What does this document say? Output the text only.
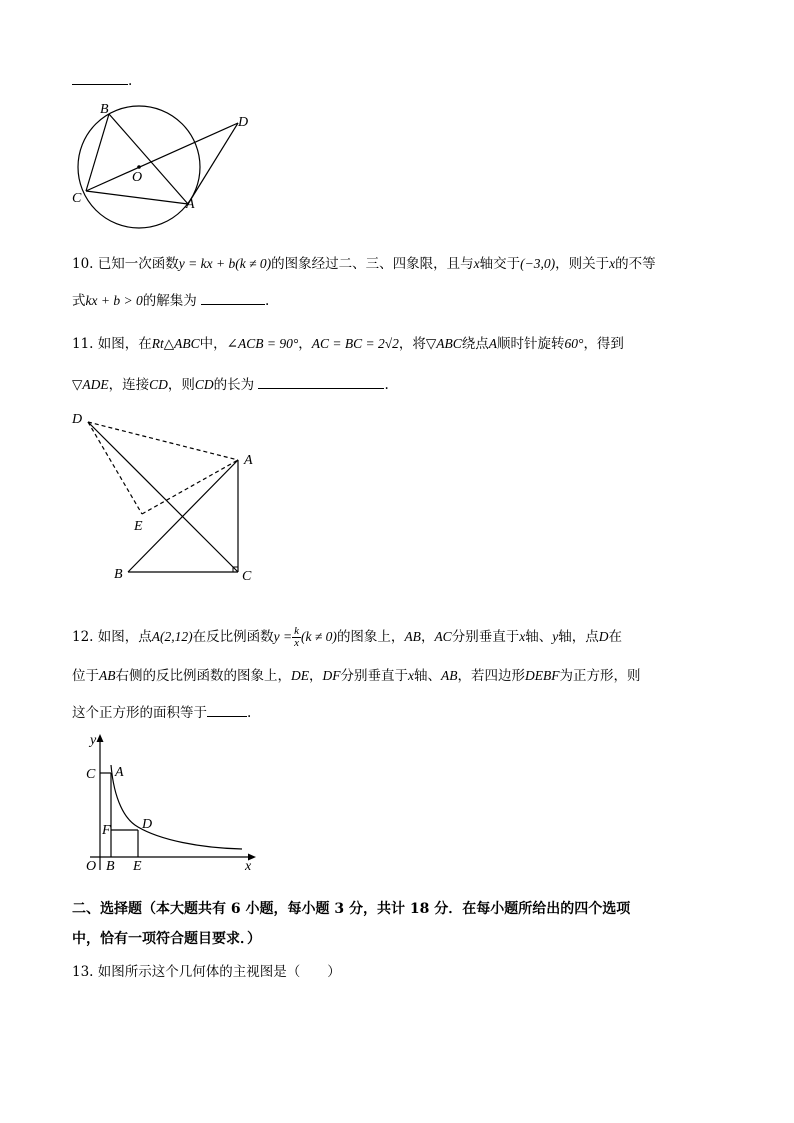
.
B
D
O
C	A
10. 已知一次函数y = kx + b(k ≠ 0)的图象经过二、三、四象限，且与x轴交于(−3,0)，则关于x的不等
式kx + b > 0的解集为	.
11. 如图，在Rt△ABC中，∠ACB = 90°，AC = BC = 2√2，将▽ABC绕点A顺时针旋转60°，得到
▽ADE，连接CD，则CD的长为	.
D
A
E
B	C
12. 如图，点A(2,12)在反比例函数$y = \frac{k}{x} (k \ne 0)$的图象上，AB，AC分别垂直于x轴、y轴，点D在
位于AB右侧的反比例函数的图象上，DE，DF分别垂直于x轴、AB，若四边形DEBF为正方形，则
这个正方形的面积等于	.
y
C A
D
F
O B E	x
二、选择题（本大题共有 6 小题，每小题 3 分，共计 18 分．在每小题所给出的四个选项
中，恰有一项符合题目要求．）
13. 如图所示这个几何体的主视图是（　　）
